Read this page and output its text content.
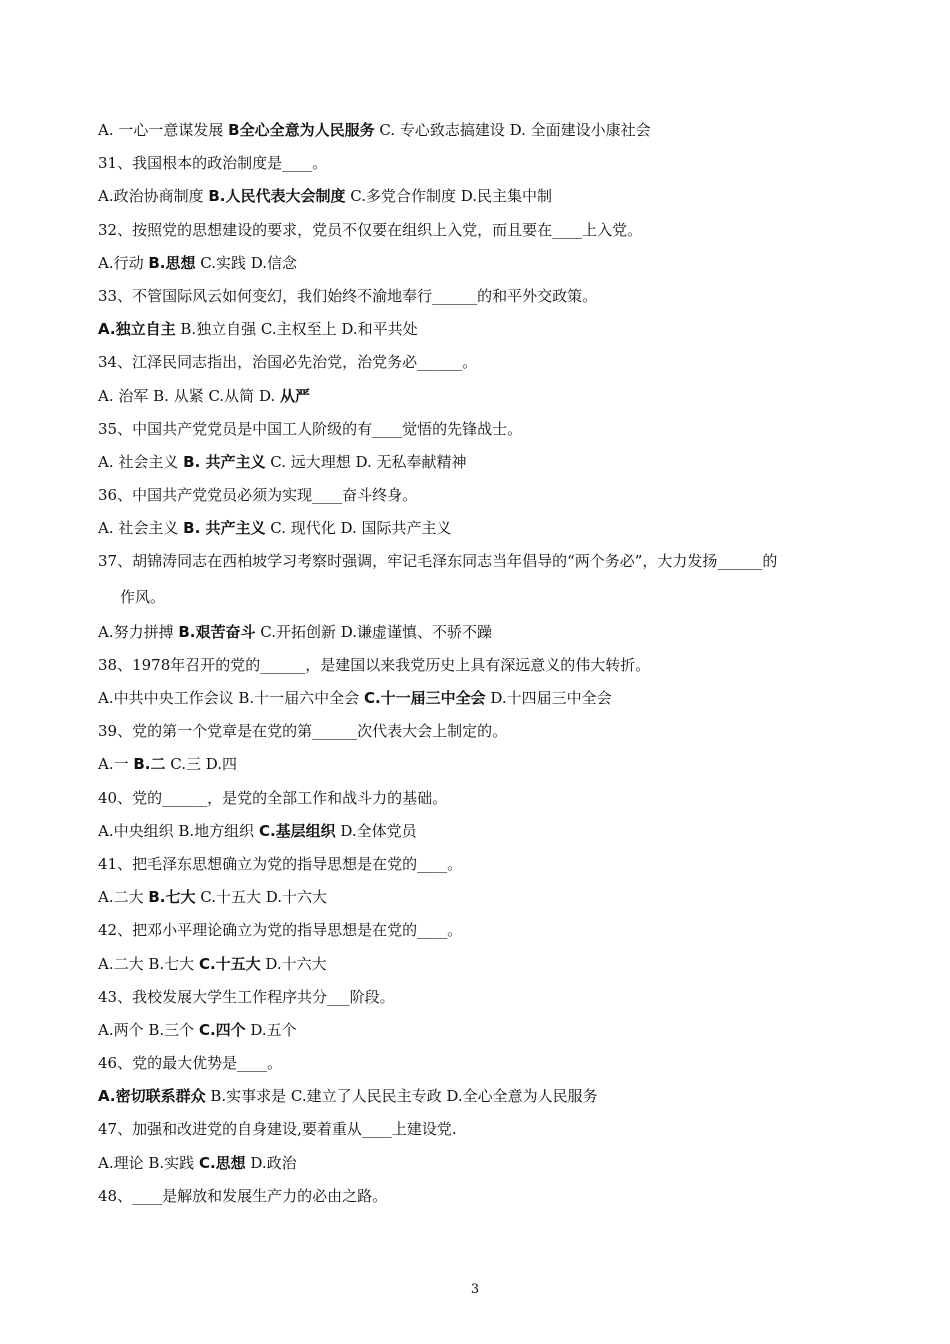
A. 一心一意谋发展 B全心全意为人民服务 C. 专心致志搞建设 D. 全面建设小康社会
31、我国根本的政治制度是____。
A.政治协商制度 B.人民代表大会制度 C.多党合作制度 D.民主集中制
32、按照党的思想建设的要求，党员不仅要在组织上入党，而且要在____上入党。
A.行动 B.思想 C.实践 D.信念
33、不管国际风云如何变幻，我们始终不渝地奉行______的和平外交政策。
A.独立自主 B.独立自强 C.主权至上 D.和平共处
34、江泽民同志指出，治国必先治党，治党务必______。
A. 治军 B. 从紧 C.从简 D. 从严
35、中国共产党党员是中国工人阶级的有____觉悟的先锋战士。
A. 社会主义 B. 共产主义 C. 远大理想 D. 无私奉献精神
36、中国共产党党员必须为实现____奋斗终身。
A. 社会主义 B. 共产主义 C. 现代化 D. 国际共产主义
37、胡锦涛同志在西柏坡学习考察时强调，牢记毛泽东同志当年倡导的“两个务必”，大力发扬______的
作风。
A.努力拼搏 B.艰苦奋斗 C.开拓创新 D.谦虚谨慎、不骄不躁
38、1978年召开的党的______，是建国以来我党历史上具有深远意义的伟大转折。
A.中共中央工作会议 B.十一届六中全会 C.十一届三中全会 D.十四届三中全会
39、党的第一个党章是在党的第______次代表大会上制定的。
A.一 B.二 C.三 D.四
40、党的______，是党的全部工作和战斗力的基础。
A.中央组织 B.地方组织 C.基层组织 D.全体党员
41、把毛泽东思想确立为党的指导思想是在党的____。
A.二大 B.七大 C.十五大 D.十六大
42、把邓小平理论确立为党的指导思想是在党的____。
A.二大 B.七大 C.十五大 D.十六大
43、我校发展大学生工作程序共分___阶段。
A.两个 B.三个 C.四个 D.五个
46、党的最大优势是____。
A.密切联系群众 B.实事求是 C.建立了人民民主专政 D.全心全意为人民服务
47、加强和改进党的自身建设,要着重从____上建设党.
A.理论 B.实践 C.思想 D.政治
48、____是解放和发展生产力的必由之路。
3
